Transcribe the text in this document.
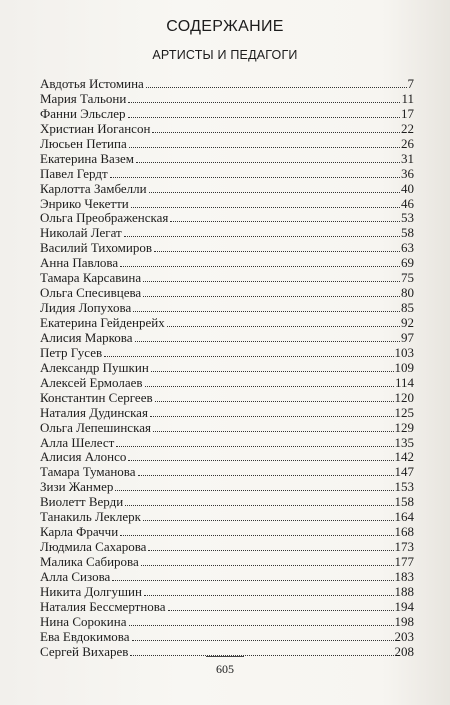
СОДЕРЖАНИЕ
АРТИСТЫ И ПЕДАГОГИ
Авдотья Истомина	7
Мария Тальони	11
Фанни Эльслер	17
Христиан Иогансон	22
Люсьен Петипа	26
Екатерина Вазем	31
Павел Гердт	36
Карлотта Замбелли	40
Энрико Чекетти	46
Ольга Преображенская	53
Николай Легат	58
Василий Тихомиров	63
Анна Павлова	69
Тамара Карсавина	75
Ольга Спесивцева	80
Лидия Лопухова	85
Екатерина Гейденрейх	92
Алисия Маркова	97
Петр Гусев	103
Александр Пушкин	109
Алексей Ермолаев	114
Константин Сергеев	120
Наталия Дудинская	125
Ольга Лепешинская	129
Алла Шелест	135
Алисия Алонсо	142
Тамара Туманова	147
Зизи Жанмер	153
Виолетт Верди	158
Танакиль Леклерк	164
Карла Фраччи	168
Людмила Сахарова	173
Малика Сабирова	177
Алла Сизова	183
Никита Долгушин	188
Наталия Бессмертнова	194
Нина Сорокина	198
Ева Евдокимова	203
Сергей Вихарев	208
605
